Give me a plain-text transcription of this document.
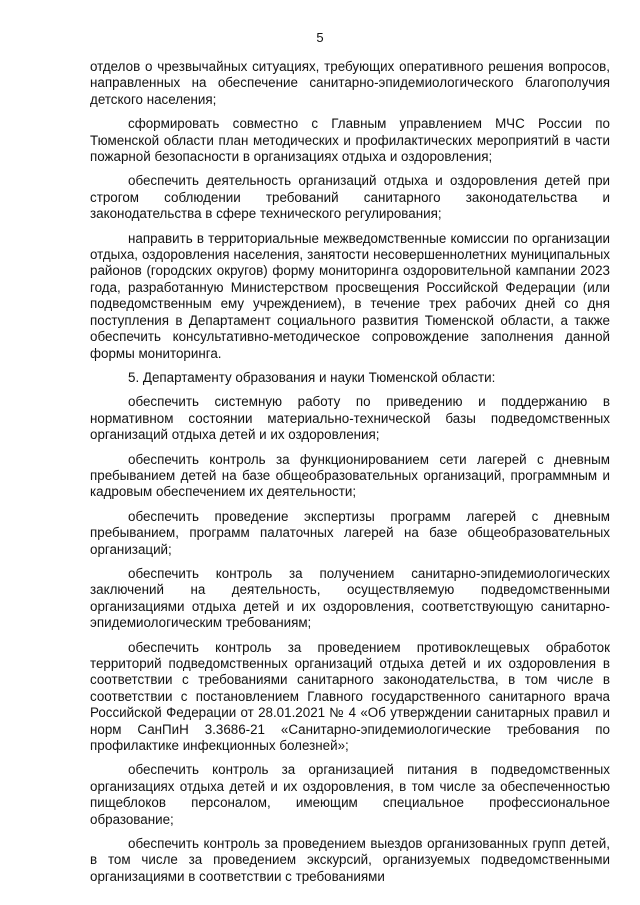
5

отделов о чрезвычайных ситуациях, требующих оперативного решения вопросов, направленных на обеспечение санитарно-эпидемиологического благополучия детского населения;

сформировать совместно с Главным управлением МЧС России по Тюменской области план методических и профилактических мероприятий в части пожарной безопасности в организациях отдыха и оздоровления;

обеспечить деятельность организаций отдыха и оздоровления детей при строгом соблюдении требований санитарного законодательства и законодательства в сфере технического регулирования;

направить в территориальные межведомственные комиссии по организации отдыха, оздоровления населения, занятости несовершеннолетних муниципальных районов (городских округов) форму мониторинга оздоровительной кампании 2023 года, разработанную Министерством просвещения Российской Федерации (или подведомственным ему учреждением), в течение трех рабочих дней со дня поступления в Департамент социального развития Тюменской области, а также обеспечить консультативно-методическое сопровождение заполнения данной формы мониторинга.

5. Департаменту образования и науки Тюменской области:

обеспечить системную работу по приведению и поддержанию в нормативном состоянии материально-технической базы подведомственных организаций отдыха детей и их оздоровления;

обеспечить контроль за функционированием сети лагерей с дневным пребыванием детей на базе общеобразовательных организаций, программным и кадровым обеспечением их деятельности;

обеспечить проведение экспертизы программ лагерей с дневным пребыванием, программ палаточных лагерей на базе общеобразовательных организаций;

обеспечить контроль за получением санитарно-эпидемиологических заключений на деятельность, осуществляемую подведомственными организациями отдыха детей и их оздоровления, соответствующую санитарно-эпидемиологическим требованиям;

обеспечить контроль за проведением противоклещевых обработок территорий подведомственных организаций отдыха детей и их оздоровления в соответствии с требованиями санитарного законодательства, в том числе в соответствии с постановлением Главного государственного санитарного врача Российской Федерации от 28.01.2021 № 4 «Об утверждении санитарных правил и норм СанПиН 3.3686-21 «Санитарно-эпидемиологические требования по профилактике инфекционных болезней»;

обеспечить контроль за организацией питания в подведомственных организациях отдыха детей и их оздоровления, в том числе за обеспеченностью пищеблоков персоналом, имеющим специальное профессиональное образование;

обеспечить контроль за проведением выездов организованных групп детей, в том числе за проведением экскурсий, организуемых подведомственными организациями в соответствии с требованиями
